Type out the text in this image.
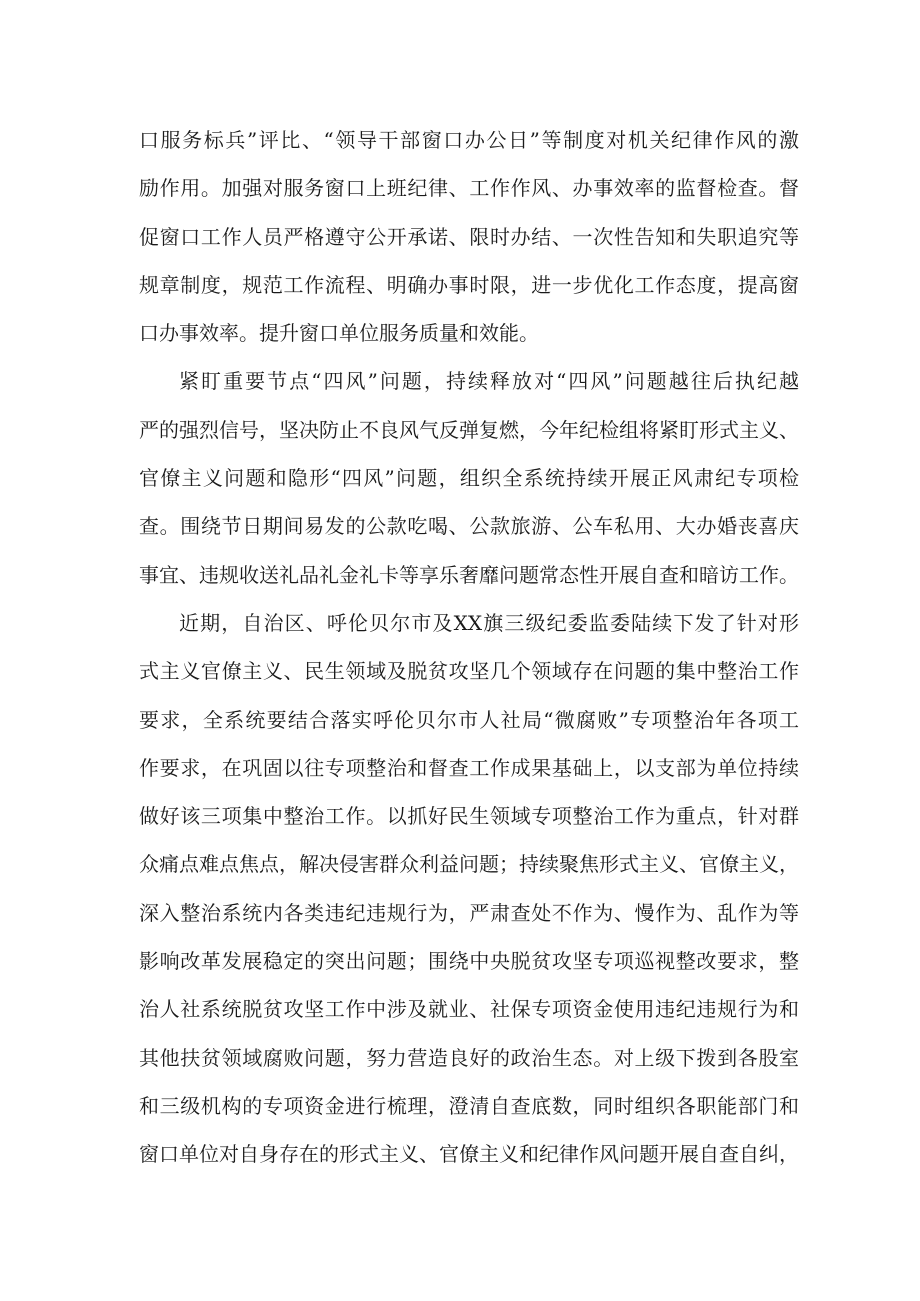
口服务标兵”评比、“领导干部窗口办公日”等制度对机关纪律作风的激
励作用。加强对服务窗口上班纪律、工作作风、办事效率的监督检查。督
促窗口工作人员严格遵守公开承诺、限时办结、一次性告知和失职追究等
规章制度，规范工作流程、明确办事时限，进一步优化工作态度，提高窗
口办事效率。提升窗口单位服务质量和效能。
紧盯重要节点“四风”问题，持续释放对“四风”问题越往后执纪越
严的强烈信号，坚决防止不良风气反弹复燃，今年纪检组将紧盯形式主义、
官僚主义问题和隐形“四风”问题，组织全系统持续开展正风肃纪专项检
查。围绕节日期间易发的公款吃喝、公款旅游、公车私用、大办婚丧喜庆
事宜、违规收送礼品礼金礼卡等享乐奢靡问题常态性开展自查和暗访工作。
近期，自治区、呼伦贝尔市及XX旗三级纪委监委陆续下发了针对形
式主义官僚主义、民生领域及脱贫攻坚几个领域存在问题的集中整治工作
要求，全系统要结合落实呼伦贝尔市人社局“微腐败”专项整治年各项工
作要求，在巩固以往专项整治和督查工作成果基础上，以支部为单位持续
做好该三项集中整治工作。以抓好民生领域专项整治工作为重点，针对群
众痛点难点焦点，解决侵害群众利益问题；持续聚焦形式主义、官僚主义，
深入整治系统内各类违纪违规行为，严肃查处不作为、慢作为、乱作为等
影响改革发展稳定的突出问题；围绕中央脱贫攻坚专项巡视整改要求，整
治人社系统脱贫攻坚工作中涉及就业、社保专项资金使用违纪违规行为和
其他扶贫领域腐败问题，努力营造良好的政治生态。对上级下拨到各股室
和三级机构的专项资金进行梳理，澄清自查底数，同时组织各职能部门和
窗口单位对自身存在的形式主义、官僚主义和纪律作风问题开展自查自纠，
